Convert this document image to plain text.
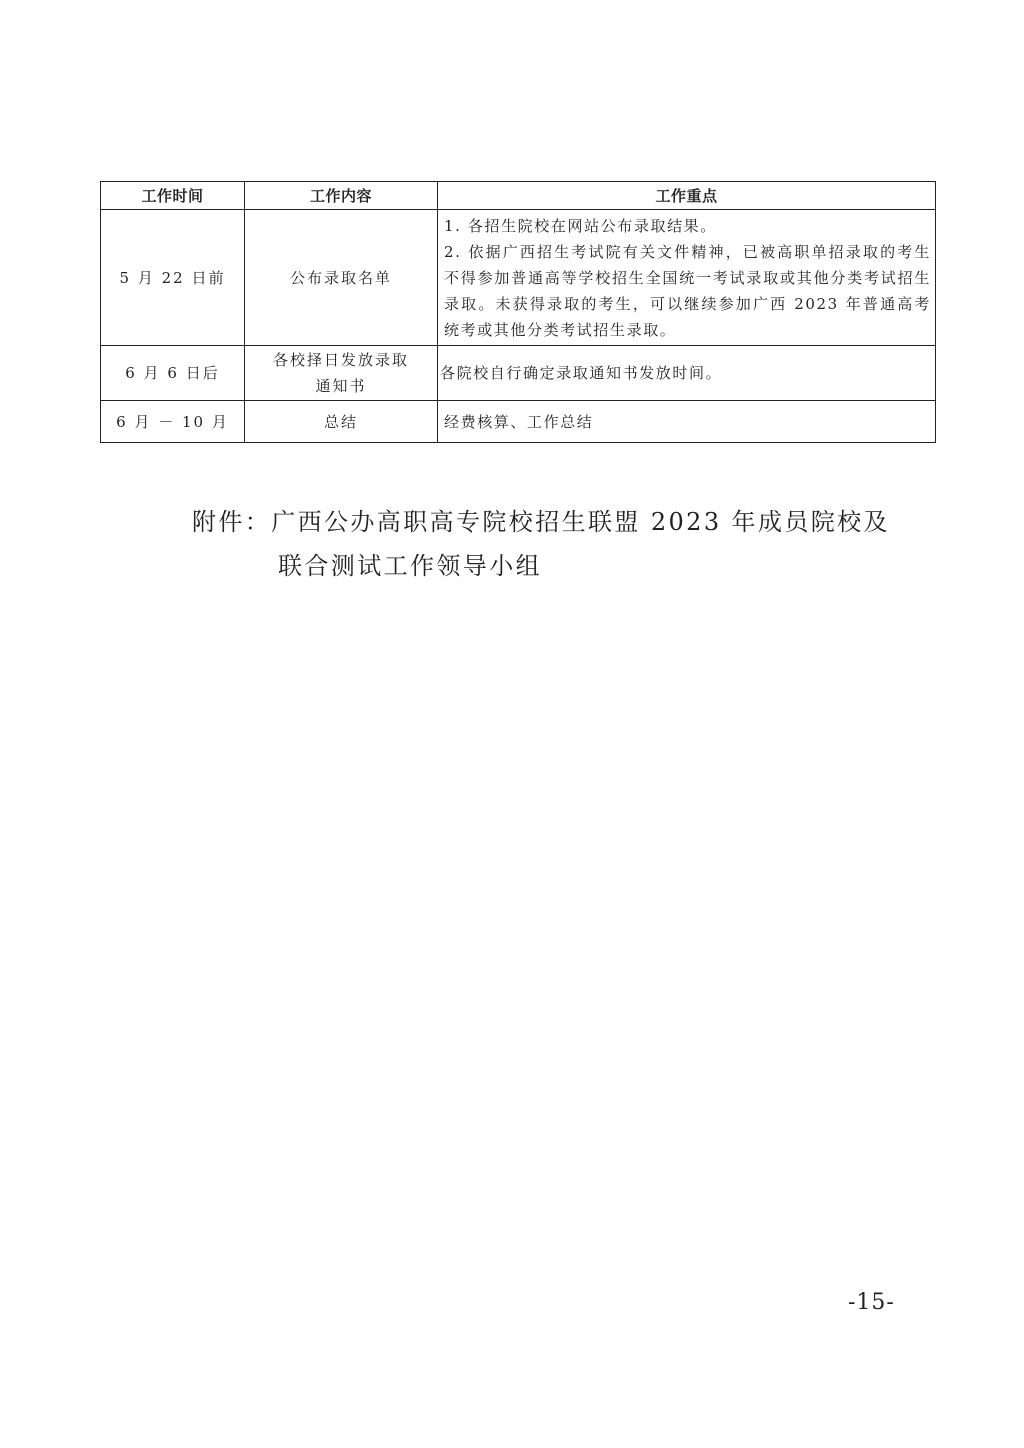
工作时间	工作内容	工作重点
5 月 22 日前	公布录取名单	1. 各招生院校在网站公布录取结果。

2. 依据广西招生考试院有关文件精神，已被高职单招录取的考生不得参加普通高等学校招生全国统一考试录取或其他分类考试招生录取。未获得录取的考生，可以继续参加广西 2023 年普通高考统考或其他分类考试招生录取。

6 月 6 日后	各校择日发放录取通知书	各院校自行确定录取通知书发放时间。

6 月 － 10 月	总结	经费核算、工作总结

附件：广西公办高职高专院校招生联盟 2023 年成员院校及
联合测试工作领导小组
-15-
